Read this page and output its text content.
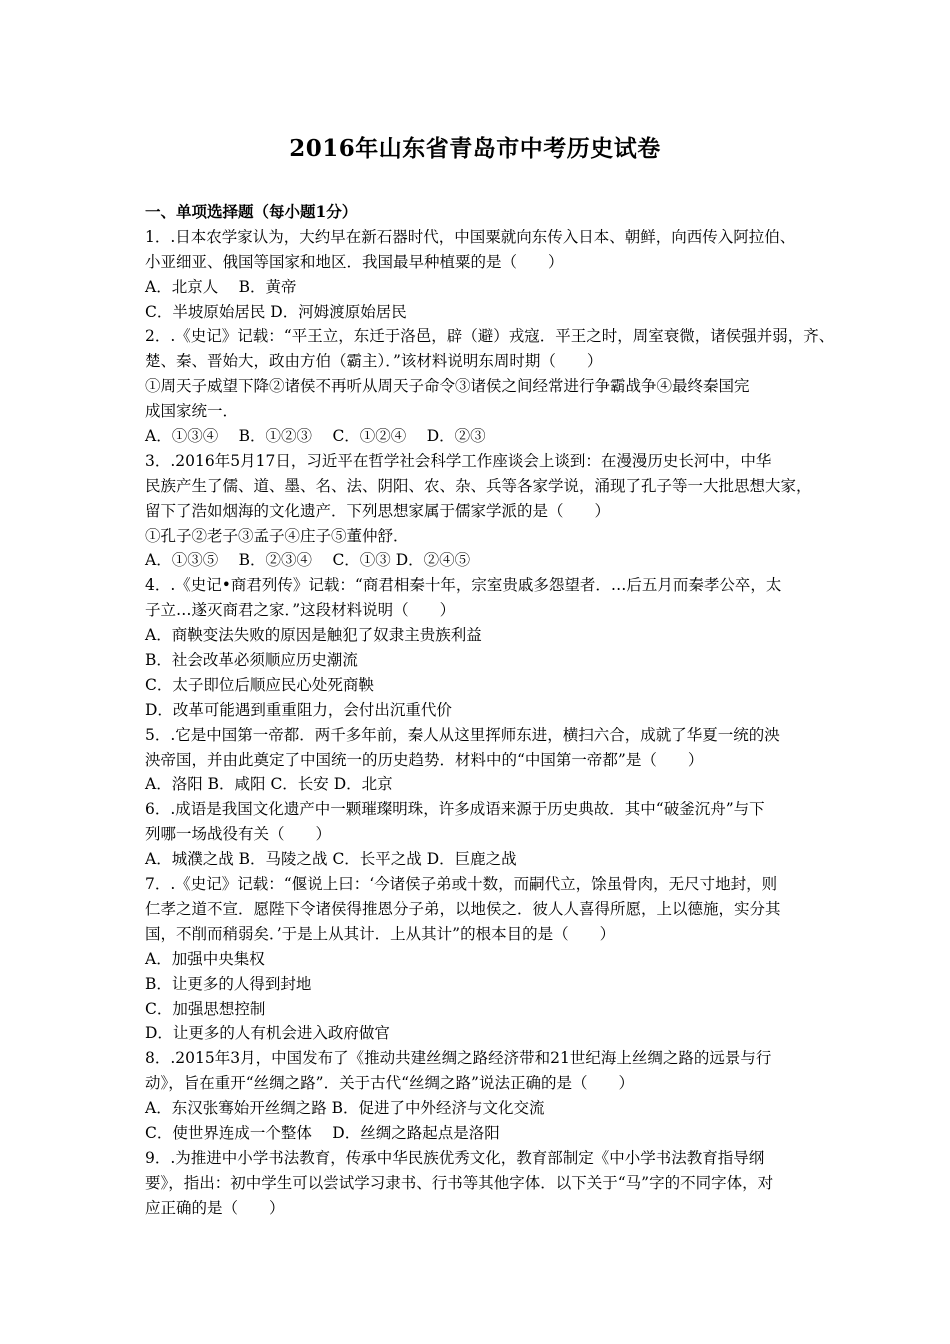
2016年山东省青岛市中考历史试卷
一、单项选择题（每小题1分）
1．.日本农学家认为，大约早在新石器时代，中国粟就向东传入日本、朝鲜，向西传入阿拉伯、
小亚细亚、俄国等国家和地区．我国最早种植粟的是（　　）
A．北京人　 B．黄帝
C．半坡原始居民 D．河姆渡原始居民
2．.《史记》记载：“平王立，东迁于洛邑，辟（避）戎寇．平王之时，周室衰微，诸侯强并弱，齐、
楚、秦、晋始大，政由方伯（霸主）．”该材料说明东周时期（　　）
①周天子威望下降②诸侯不再听从周天子命令③诸侯之间经常进行争霸战争④最终秦国完
成国家统一．
A．①③④　 B．①②③　 C．①②④　 D．②③
3．.2016年5月17日，习近平在哲学社会科学工作座谈会上谈到：在漫漫历史长河中，中华
民族产生了儒、道、墨、名、法、阴阳、农、杂、兵等各家学说，涌现了孔子等一大批思想大家，
留下了浩如烟海的文化遗产．下列思想家属于儒家学派的是（　　）
①孔子②老子③孟子④庄子⑤董仲舒．
A．①③⑤　 B．②③④　 C．①③ D．②④⑤
4．.《史记•商君列传》记载：“商君相秦十年，宗室贵戚多怨望者．…后五月而秦孝公卒，太
子立…遂灭商君之家．”这段材料说明（　　）
A．商鞅变法失败的原因是触犯了奴隶主贵族利益
B．社会改革必须顺应历史潮流
C．太子即位后顺应民心处死商鞅
D．改革可能遇到重重阻力，会付出沉重代价
5．.它是中国第一帝都．两千多年前，秦人从这里挥师东进，横扫六合，成就了华夏一统的泱
泱帝国，并由此奠定了中国统一的历史趋势．材料中的“中国第一帝都”是（　　）
A．洛阳 B．咸阳 C．长安 D．北京
6．.成语是我国文化遗产中一颗璀璨明珠，许多成语来源于历史典故．其中“破釜沉舟”与下
列哪一场战役有关（　　）
A．城濮之战 B．马陵之战 C．长平之战 D．巨鹿之战
7．.《史记》记载：“偃说上曰：‘今诸侯子弟或十数，而嗣代立，馀虽骨肉，无尺寸地封，则
仁孝之道不宣．愿陛下令诸侯得推恩分子弟，以地侯之．彼人人喜得所愿，上以德施，实分其
国，不削而稍弱矣．’于是上从其计．上从其计”的根本目的是（　　）
A．加强中央集权
B．让更多的人得到封地
C．加强思想控制
D．让更多的人有机会进入政府做官
8．.2015年3月，中国发布了《推动共建丝绸之路经济带和21世纪海上丝绸之路的远景与行
动》，旨在重开“丝绸之路”．关于古代“丝绸之路”说法正确的是（　　）
A．东汉张骞始开丝绸之路 B．促进了中外经济与文化交流
C．使世界连成一个整体　 D．丝绸之路起点是洛阳
9．.为推进中小学书法教育，传承中华民族优秀文化，教育部制定《中小学书法教育指导纲
要》，指出：初中学生可以尝试学习隶书、行书等其他字体．以下关于“马”字的不同字体，对
应正确的是（　　）
